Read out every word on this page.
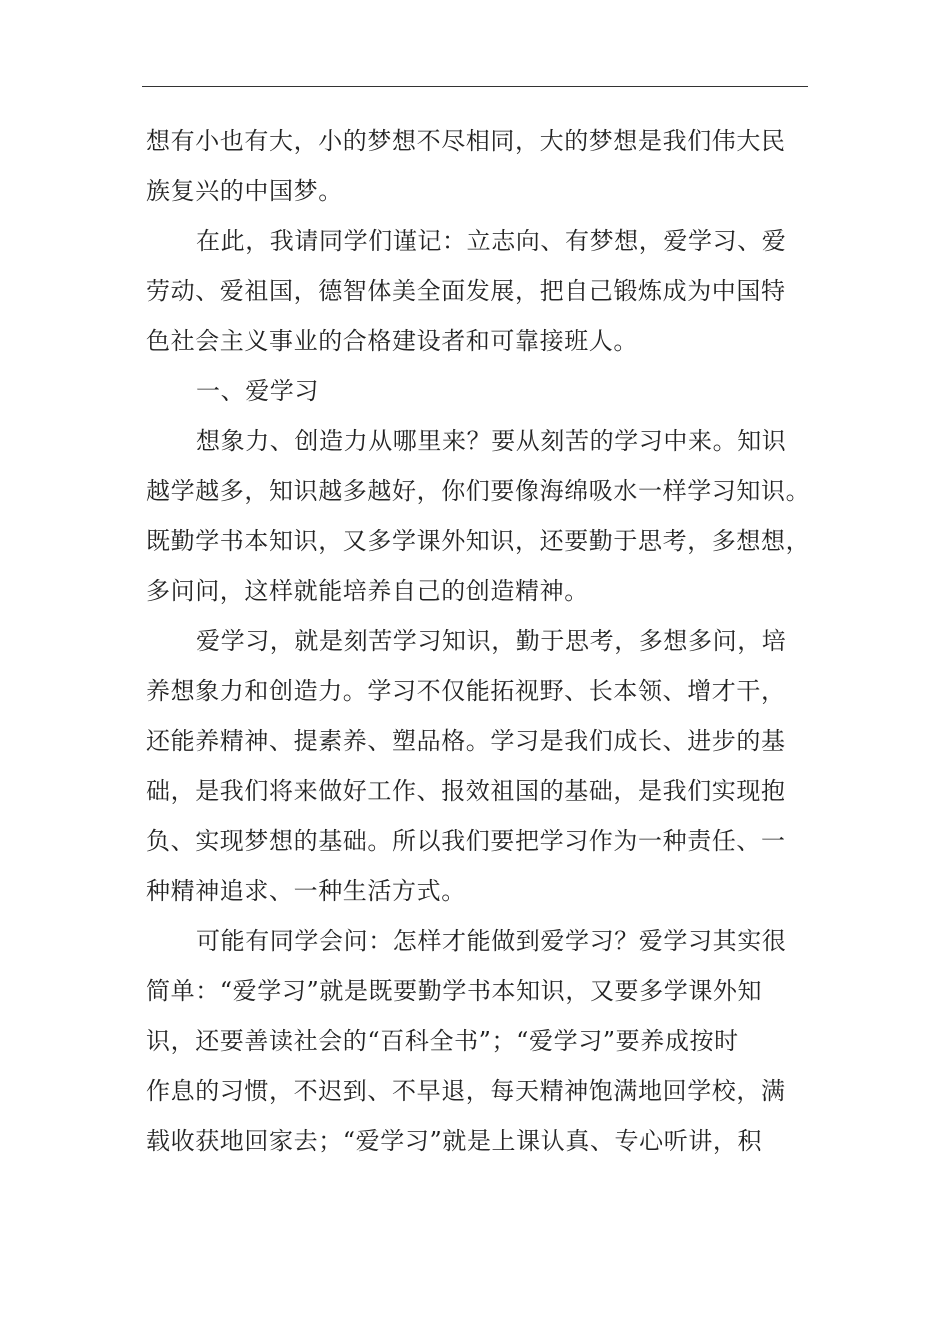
想有小也有大，小的梦想不尽相同，大的梦想是我们伟大民
族复兴的中国梦。
在此，我请同学们谨记：立志向、有梦想，爱学习、爱
劳动、爱祖国，德智体美全面发展，把自己锻炼成为中国特
色社会主义事业的合格建设者和可靠接班人。
一、爱学习
想象力、创造力从哪里来？要从刻苦的学习中来。知识
越学越多，知识越多越好，你们要像海绵吸水一样学习知识。
既勤学书本知识，又多学课外知识，还要勤于思考，多想想，
多问问，这样就能培养自己的创造精神。
爱学习，就是刻苦学习知识，勤于思考，多想多问，培
养想象力和创造力。学习不仅能拓视野、长本领、增才干，
还能养精神、提素养、塑品格。学习是我们成长、进步的基
础，是我们将来做好工作、报效祖国的基础，是我们实现抱
负、实现梦想的基础。所以我们要把学习作为一种责任、一
种精神追求、一种生活方式。
可能有同学会问：怎样才能做到爱学习？爱学习其实很
简单：“爱学习”就是既要勤学书本知识，又要多学课外知
识，还要善读社会的“百科全书”；“爱学习”要养成按时
作息的习惯，不迟到、不早退，每天精神饱满地回学校，满
载收获地回家去；“爱学习”就是上课认真、专心听讲，积
